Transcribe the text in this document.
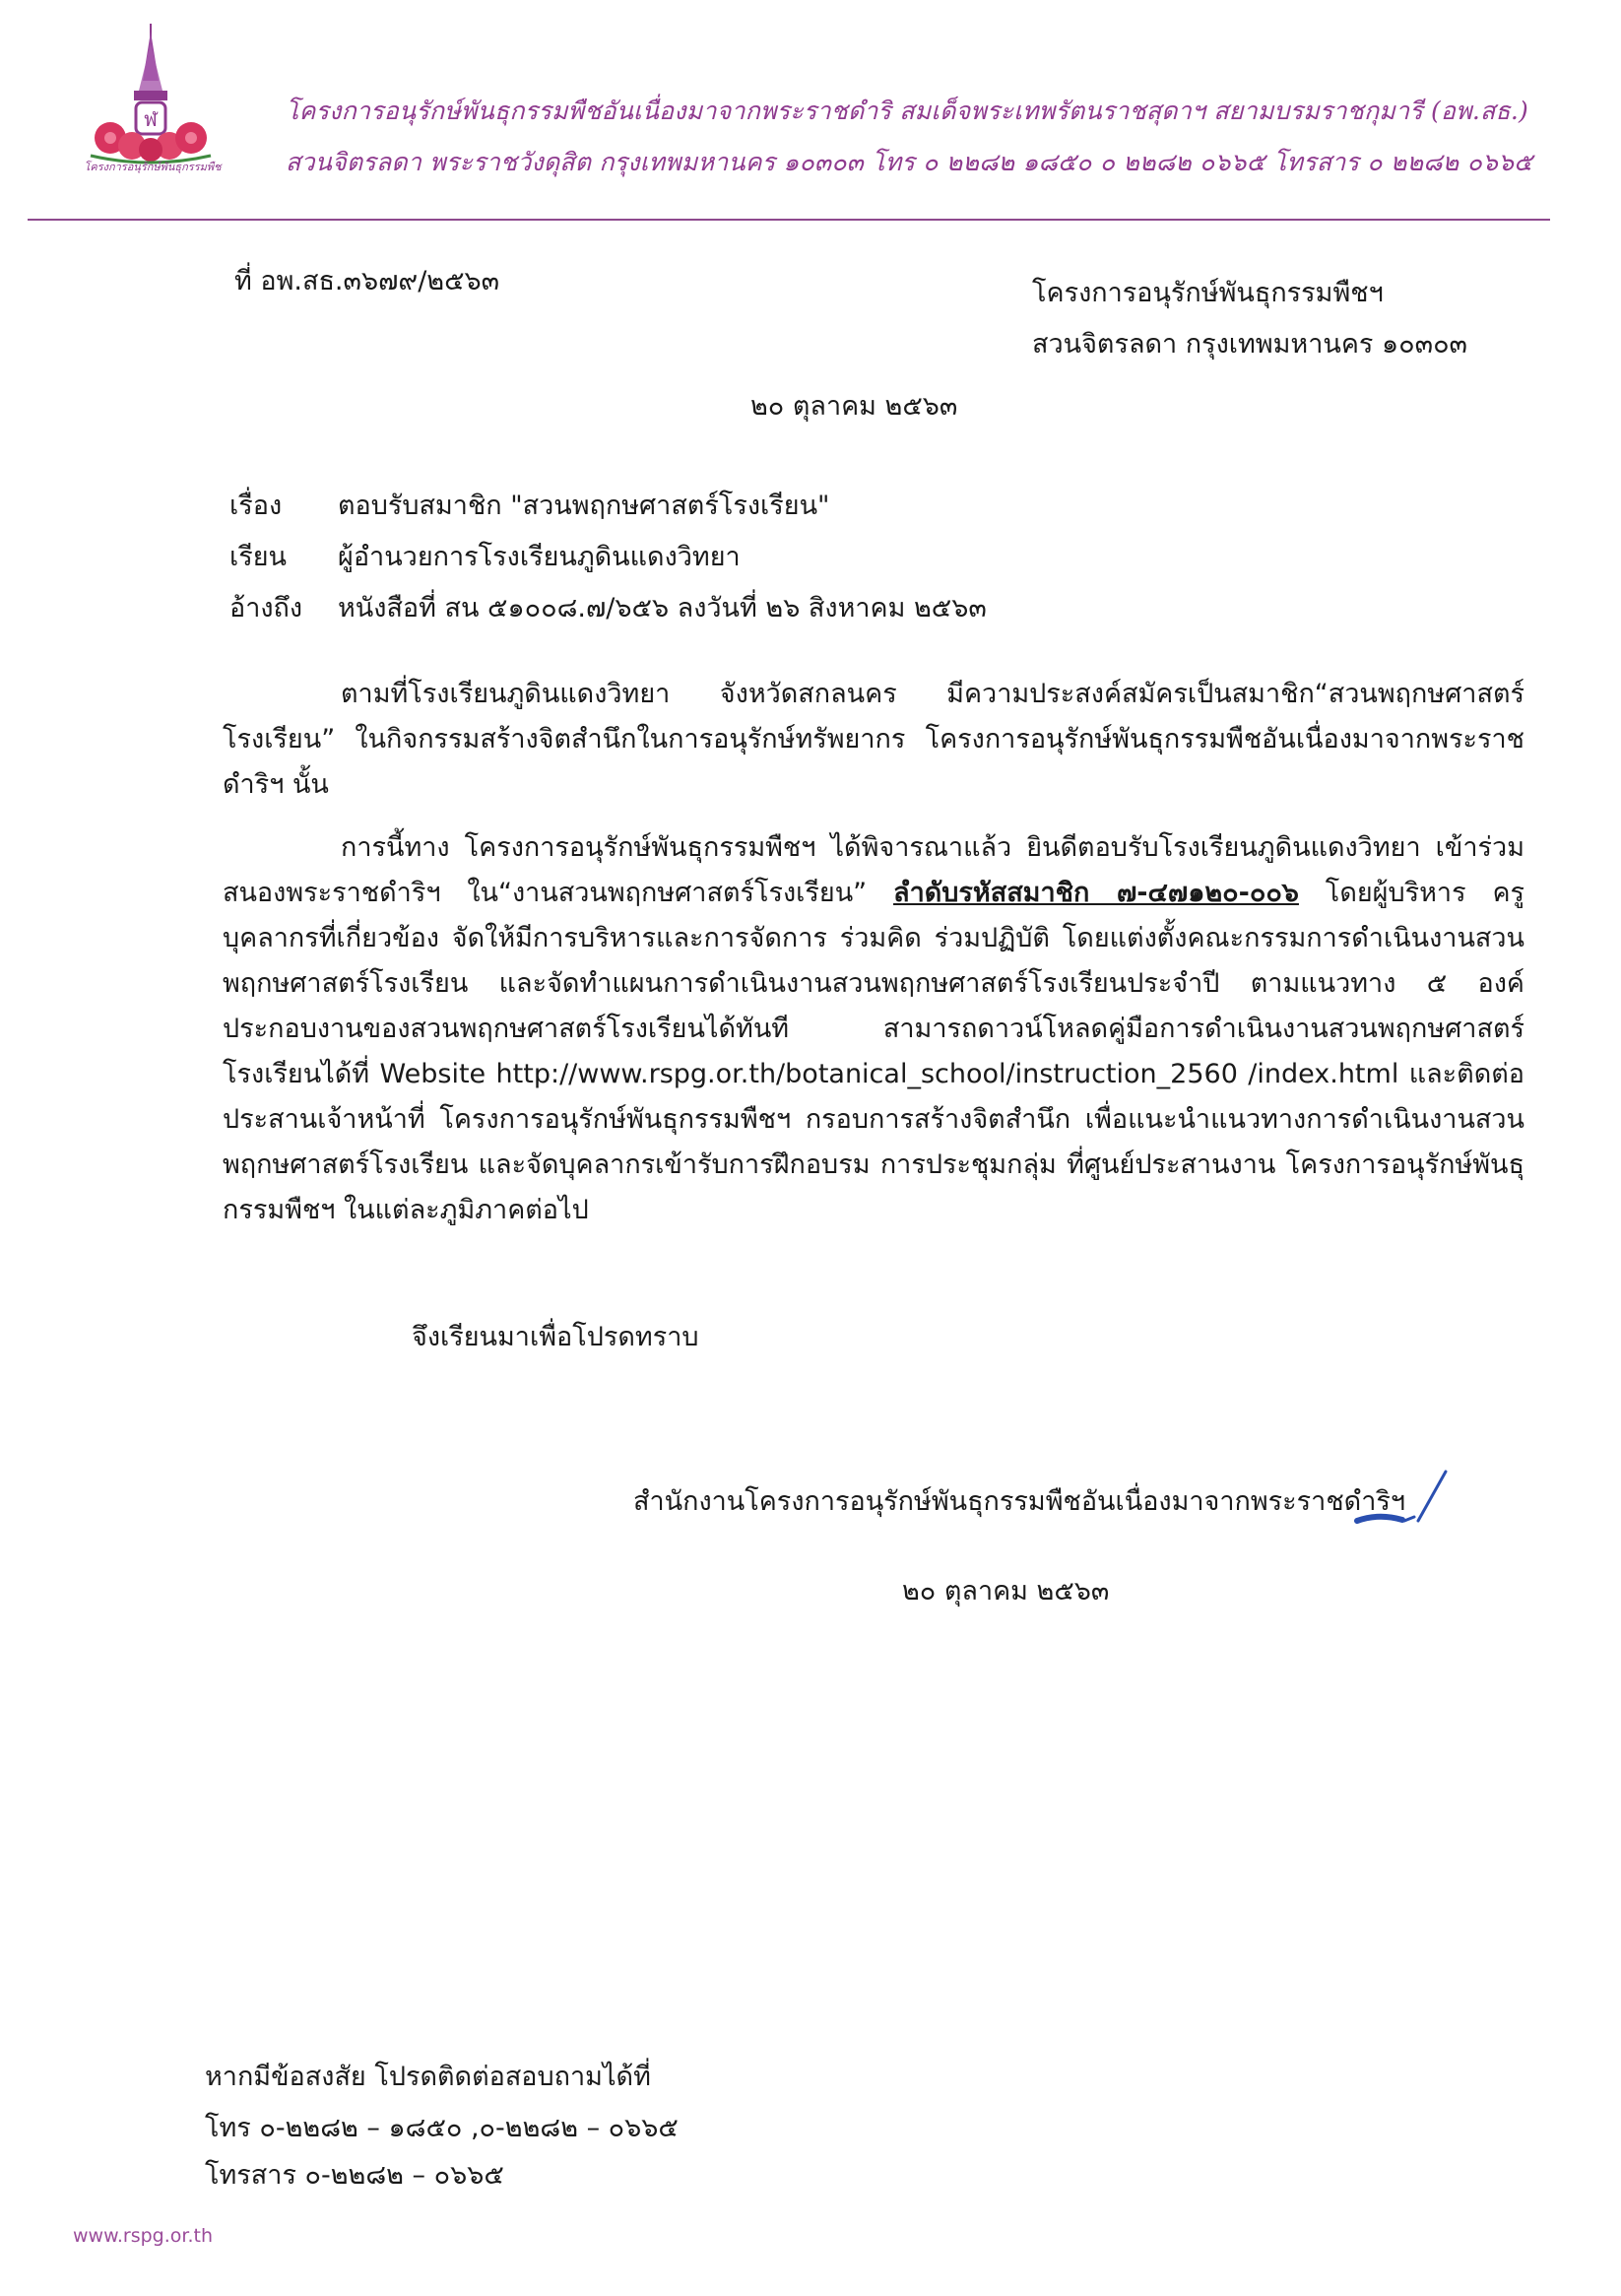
ฬ
โครงการอนุรักษ์พันธุกรรมพืช
โครงการอนุรักษ์พันธุกรรมพืชอันเนื่องมาจากพระราชดำริ สมเด็จพระเทพรัตนราชสุดาฯ สยามบรมราชกุมารี (อพ.สธ.)
สวนจิตรลดา พระราชวังดุสิต กรุงเทพมหานคร ๑๐๓๐๓ โทร ๐ ๒๒๘๒ ๑๘๕๐ ๐ ๒๒๘๒ ๐๖๖๕ โทรสาร ๐ ๒๒๘๒ ๐๖๖๕
ที่ อพ.สธ.๓๖๗๙/๒๕๖๓	โครงการอนุรักษ์พันธุกรรมพืชฯ
สวนจิตรลดา กรุงเทพมหานคร ๑๐๓๐๓
๒๐ ตุลาคม ๒๕๖๓
เรื่อง ตอบรับสมาชิก "สวนพฤกษศาสตร์โรงเรียน"
เรียน ผู้อำนวยการโรงเรียนภูดินแดงวิทยา
อ้างถึง หนังสือที่ สน ๕๑๐๐๘.๗/๖๕๖ ลงวันที่ ๒๖ สิงหาคม ๒๕๖๓
ตามที่โรงเรียนภูดินแดงวิทยา จังหวัดสกลนคร มีความประสงค์สมัครเป็นสมาชิก“สวนพฤกษศาสตร์โรงเรียน” ในกิจกรรมสร้างจิตสำนึกในการอนุรักษ์ทรัพยากร โครงการอนุรักษ์พันธุกรรมพืชอันเนื่องมาจากพระราชดำริฯ นั้น
การนี้ทาง โครงการอนุรักษ์พันธุกรรมพืชฯ ได้พิจารณาแล้ว ยินดีตอบรับโรงเรียนภูดินแดงวิทยา เข้าร่วมสนองพระราชดำริฯ ใน“งานสวนพฤกษศาสตร์โรงเรียน” ลำดับรหัสสมาชิก ๗-๔๗๑๒๐-๐๐๖ โดยผู้บริหาร ครู บุคลากรที่เกี่ยวข้อง จัดให้มีการบริหารและการจัดการ ร่วมคิด ร่วมปฏิบัติ โดยแต่งตั้งคณะกรรมการดำเนินงานสวนพฤกษศาสตร์โรงเรียน และจัดทำแผนการดำเนินงานสวนพฤกษศาสตร์โรงเรียนประจำปี ตามแนวทาง ๕ องค์ประกอบงานของสวนพฤกษศาสตร์โรงเรียนได้ทันที สามารถดาวน์โหลดคู่มือการดำเนินงานสวนพฤกษศาสตร์โรงเรียนได้ที่ Website http://www.rspg.or.th/botanical_school/instruction_2560 /index.html และติดต่อประสานเจ้าหน้าที่ โครงการอนุรักษ์พันธุกรรมพืชฯ กรอบการสร้างจิตสำนึก เพื่อแนะนำแนวทางการดำเนินงานสวนพฤกษศาสตร์โรงเรียน และจัดบุคลากรเข้ารับการฝึกอบรม การประชุมกลุ่ม ที่ศูนย์ประสานงาน โครงการอนุรักษ์พันธุกรรมพืชฯ ในแต่ละภูมิภาคต่อไป
จึงเรียนมาเพื่อโปรดทราบ
สำนักงานโครงการอนุรักษ์พันธุกรรมพืชอันเนื่องมาจากพระราชดำริฯ
๒๐ ตุลาคม ๒๕๖๓
หากมีข้อสงสัย โปรดติดต่อสอบถามได้ที่
โทร ๐-๒๒๘๒ – ๑๘๕๐ ,๐-๒๒๘๒ – ๐๖๖๕
โทรสาร ๐-๒๒๘๒ – ๐๖๖๕
www.rspg.or.th
